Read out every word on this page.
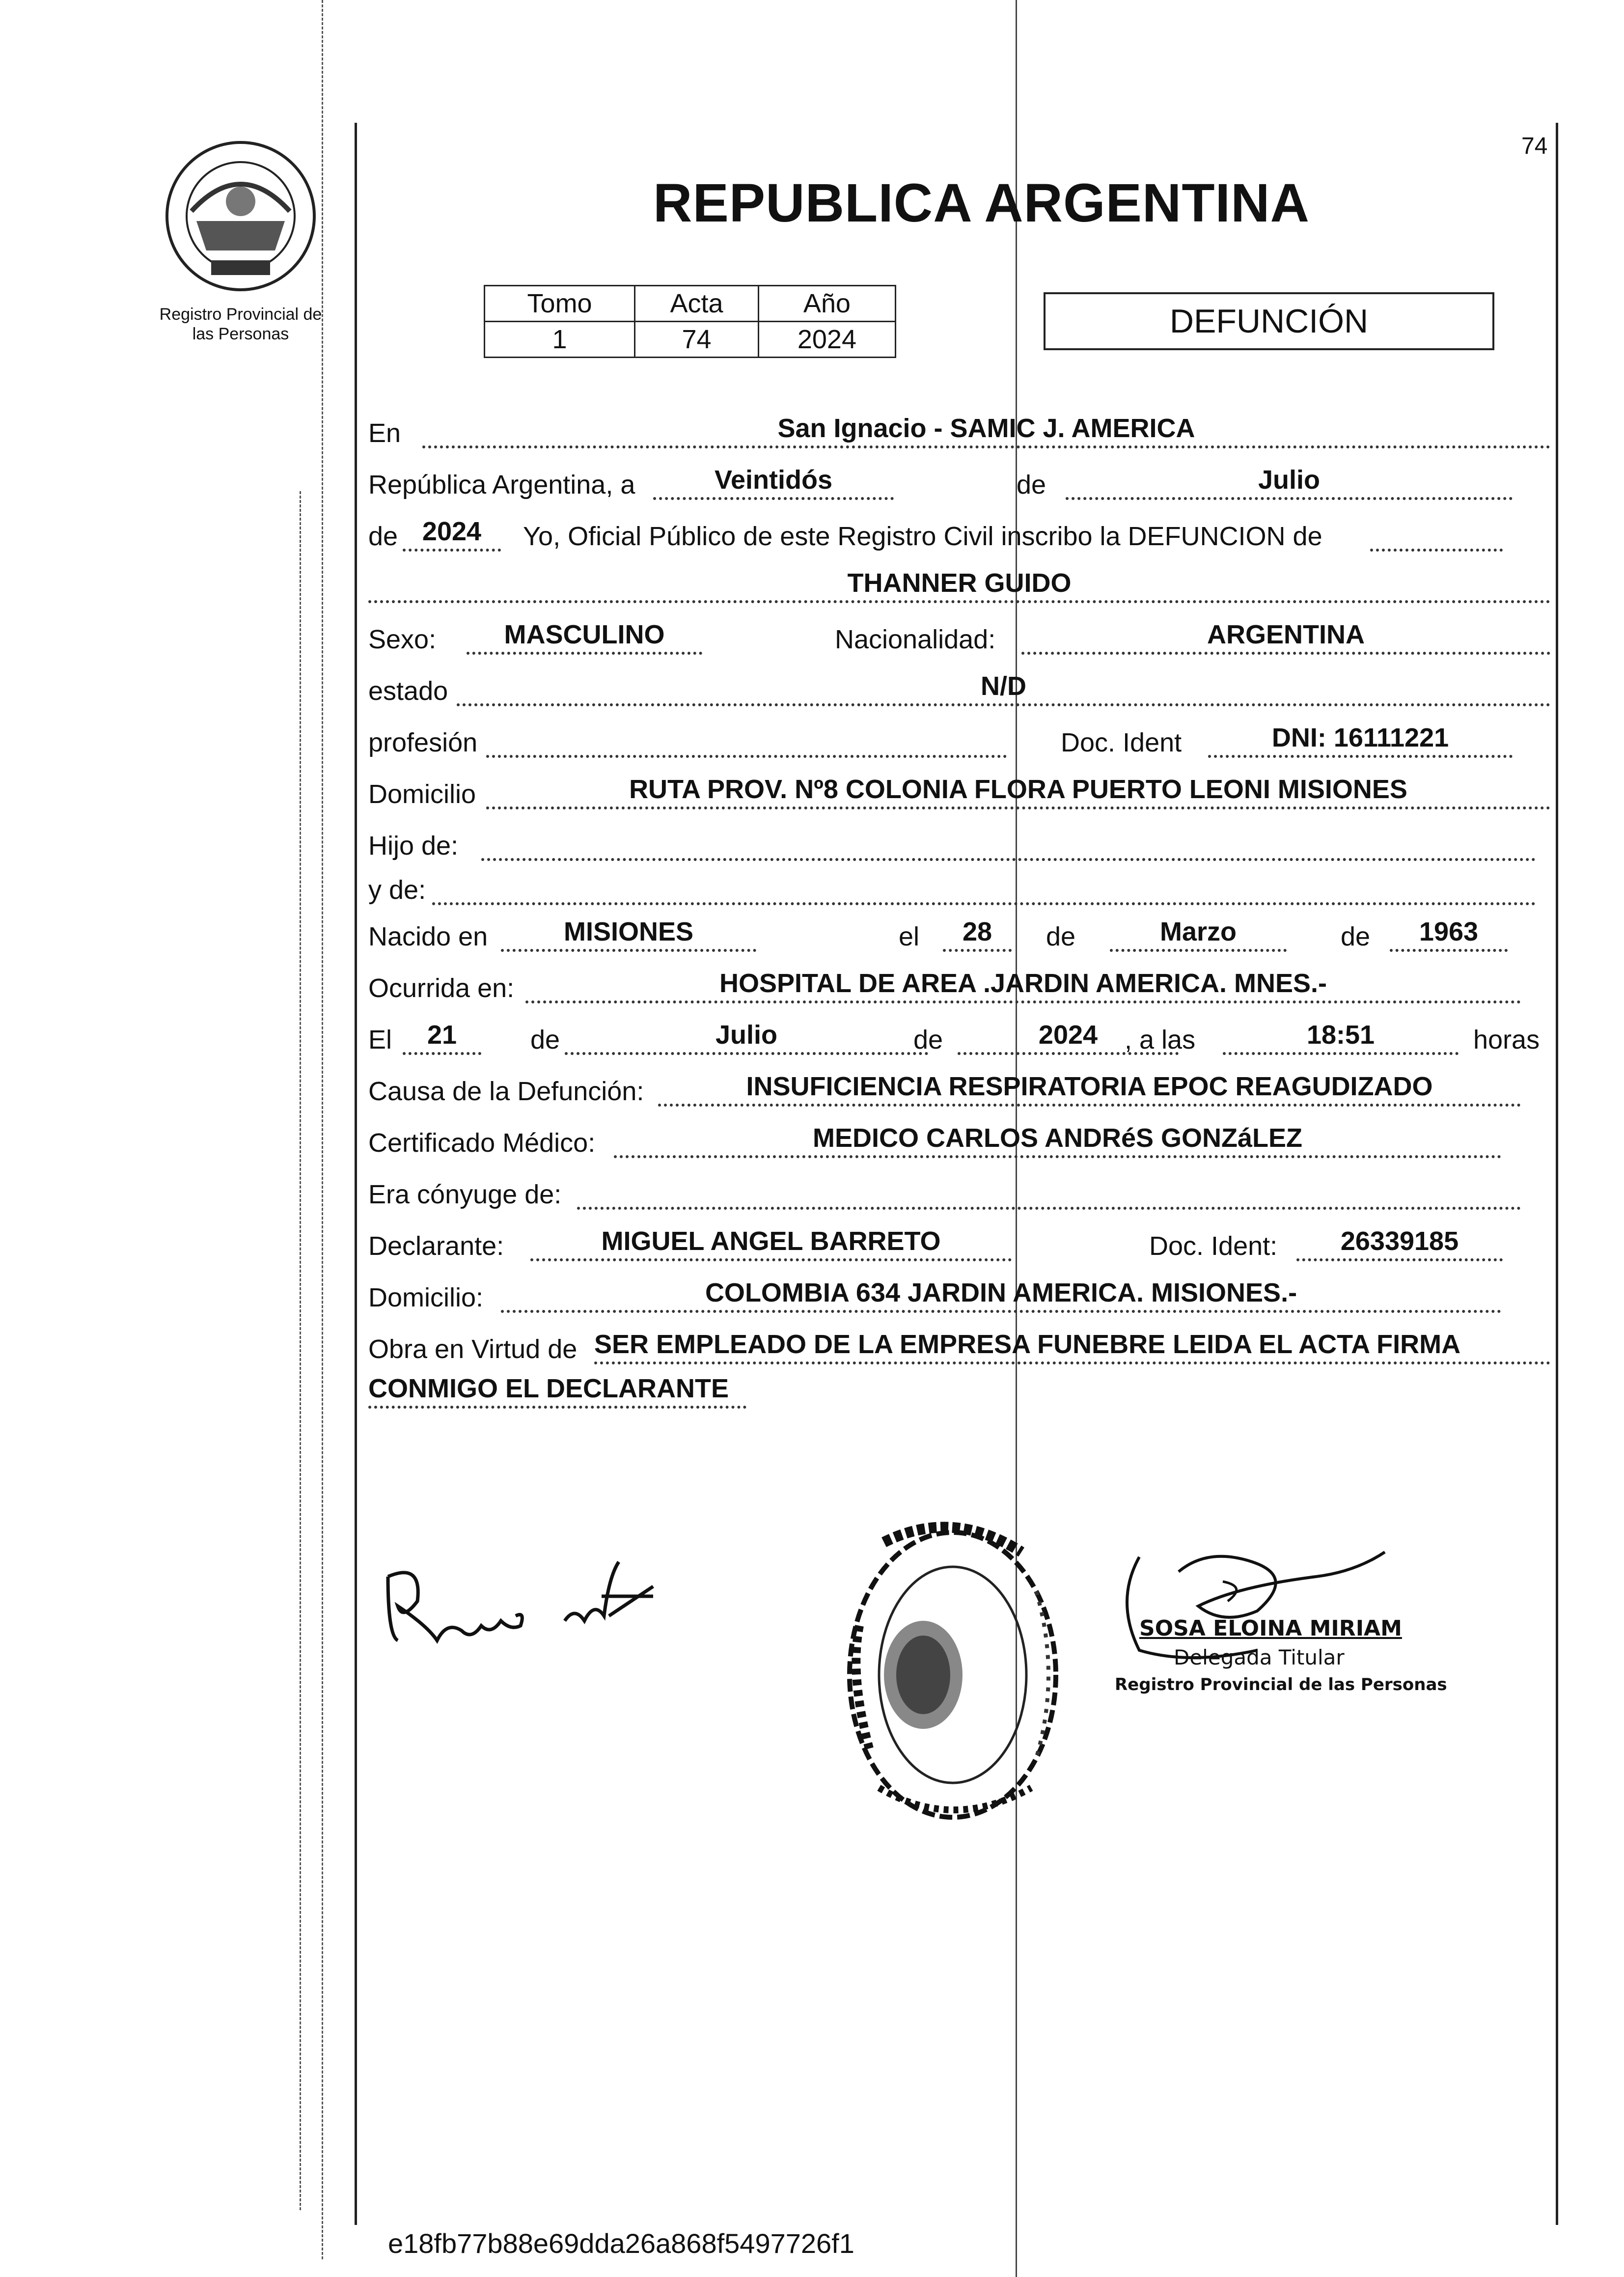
74
Registro Provincial de
las Personas
REPUBLICA ARGENTINA
Tomo	Acta	Año
1	74	2024	DEFUNCIÓN
En	San Ignacio - SAMIC J. AMERICA
República Argentina, a	Veintidós	de	Julio
de 2024 Yo, Oficial Público de este Registro Civil inscribo la DEFUNCION de
THANNER GUIDO
Sexo:	MASCULINO	Nacionalidad:	ARGENTINA
estado	N/D
profesión	Doc. Ident	DNI: 16111221
Domicilio	RUTA PROV. Nº8 COLONIA FLORA PUERTO LEONI MISIONES
Hijo de:
y de:
Nacido en	MISIONES	el 28 de	Marzo	de 1963
Ocurrida en:	HOSPITAL DE AREA .JARDIN AMERICA. MNES.-
El 21	de	Julio	de	2024 , a las	18:51	horas
Causa de la Defunción:	INSUFICIENCIA RESPIRATORIA EPOC REAGUDIZADO
Certificado Médico:	MEDICO CARLOS ANDRéS GONZáLEZ
Era cónyuge de:
Declarante:	MIGUEL ANGEL BARRETO	Doc. Ident: 26339185
Domicilio:	COLOMBIA 634 JARDIN AMERICA. MISIONES.-
Obra en Virtud de SER EMPLEADO DE LA EMPRESA FUNEBRE LEIDA EL ACTA FIRMA
CONMIGO EL DECLARANTE
SOSA ELOINA MIRIAM
Delegada Titular
Registro Provincial de las Personas
e18fb77b88e69dda26a868f5497726f1
